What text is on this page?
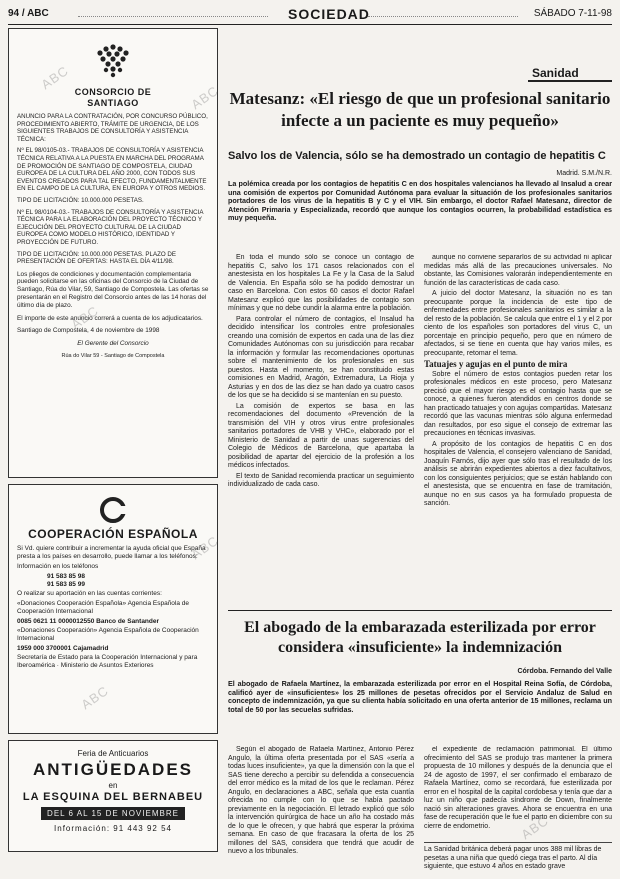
94 / ABC	SOCIEDAD	SÁBADO 7-11-98
CONSORCIO DE
SANTIAGO

ANUNCIO PARA LA CONTRATACIÓN, POR CONCURSO PÚBLICO, PROCEDIMIENTO ABIERTO, TRÁMITE DE URGENCIA, DE LOS SIGUIENTES TRABAJOS DE CONSULTORÍA Y ASISTENCIA TÉCNICA:

Nº EL 98/0105-03.- TRABAJOS DE CONSULTORÍA Y ASISTENCIA TÉCNICA RELATIVA A LA PUESTA EN MARCHA DEL PROGRAMA DE PROMOCIÓN DE SANTIAGO DE COMPOSTELA, CIUDAD EUROPEA DE LA CULTURA DEL AÑO 2000, CON TODOS SUS EVENTOS CREADOS PARA TAL EFECTO, FUNDAMENTALMENTE EN EL CAMPO DE LA CULTURA, EN EUROPA Y OTROS MEDIOS.

TIPO DE LICITACIÓN: 10.000.000 PESETAS.

Nº EL 98/0104-03.- TRABAJOS DE CONSULTORÍA Y ASISTENCIA TÉCNICA PARA LA ELABORACIÓN DEL PROYECTO TÉCNICO Y EJECUCIÓN DEL PROYECTO CULTURAL DE LA CIUDAD EUROPEA COMO MODELO HISTÓRICO, IDENTIDAD Y PROYECCIÓN DE FUTURO.

TIPO DE LICITACIÓN: 10.000.000 PESETAS. PLAZO DE PRESENTACIÓN DE OFERTAS: HASTA EL DÍA 4/11/98.

Los pliegos de condiciones y documentación complementaria pueden solicitarse en las oficinas del Consorcio de la Ciudad de Santiago, Rúa do Vilar, 59, Santiago de Compostela. Las ofertas se presentarán en el Registro del Consorcio antes de las 14 horas del último día de plazo.

El importe de este anuncio correrá a cuenta de los adjudicatarios.

Santiago de Compostela, 4 de noviembre de 1998

El Gerente del Consorcio

Rúa do Vilar 59 - Santiago de Compostela

COOPERACIÓN ESPAÑOLA

Si Vd. quiere contribuir a incrementar la ayuda oficial que España presta a los países en desarrollo, puede llamar a los teléfonos:

Información en los teléfonos

91 583 85 98

91 583 85 99

O realizar su aportación en las cuentas corrientes:

«Donaciones Cooperación Española» Agencia Española de Cooperación Internacional

0085 0621 11 0000012550 Banco de Santander

«Donaciones Cooperación» Agencia Española de Cooperación Internacional

1959 000 3700001 Cajamadrid

Secretaría de Estado para la Cooperación Internacional y para Iberoamérica · Ministerio de Asuntos Exteriores

Feria de Anticuarios
ANTIGÜEDADES
en
LA ESQUINA DEL BERNABEU
DEL 6 AL 15 DE NOVIEMBRE
Información: 91 443 92 54
Sanidad
Matesanz: «El riesgo de que un profesional sanitario infecte a un paciente es muy pequeño»
Salvo los de Valencia, sólo se ha demostrado un contagio de hepatitis C
Madrid. S.M./N.R.
La polémica creada por los contagios de hepatitis C en dos hospitales valencianos ha llevado al Insalud a crear una comisión de expertos por Comunidad Autónoma para evaluar la situación de los profesionales sanitarios portadores de los virus de la hepatitis B y C y el VIH. Sin embargo, el doctor Rafael Matesanz, director de Atención Primaria y Especializada, recordó que aunque los contagios ocurren, la probabilidad estadística es muy pequeña.

En toda el mundo sólo se conoce un contagio de hepatitis C, salvo los 171 casos relacionados con el anestesista en los hospitales La Fe y la Casa de la Salud de Valencia. En España sólo se ha podido demostrar un caso en Barcelona. Con estos 60 casos el doctor Rafael Matesanz explicó que las posibilidades de contagio son mínimas y que no debe cundir la alarma entre la población.

Para controlar el número de contagios, el Insalud ha decidido intensificar los controles entre profesionales creando una comisión de expertos en cada una de las diez Comunidades Autónomas con su jurisdicción para recabar la información y formular las recomendaciones oportunas sobre el mantenimiento de los profesionales en sus puestos. Hasta el momento, se han constituido estas comisiones en Madrid, Aragón, Extremadura, La Rioja y Asturias y en dos de las diez se han dado ya cuatro casos de los que se ha decidido si se mantenían en su puesto.

La comisión de expertos se basa en las recomendaciones del documento «Prevención de la transmisión del VIH y otros virus entre profesionales sanitarios portadores de VHB y VHC», elaborado por el Ministerio de Sanidad a partir de unas sugerencias del Colegio de Médicos de Barcelona, que apartaba la posibilidad de apartar del ejercicio de la profesión a los médicos infectados.

El texto de Sanidad recomienda practicar un seguimiento individualizado de cada caso.

aunque no conviene separarlos de su actividad ni aplicar medidas más allá de las precauciones universales. No obstante, las Comisiones valorarán independientemente en función de las características de cada caso.

A juicio del doctor Matesanz, la situación no es tan preocupante porque la incidencia de este tipo de enfermedades entre profesionales sanitarios es similar a la del resto de la población. Se calcula que entre el 1 y el 2 por ciento de los españoles son portadores del virus C, un porcentaje en principio pequeño, pero que en número de afectados, si se tiene en cuenta que hay varios miles, es preocupante, retomar el tema.

Tatuajes y agujas en el punto de mira

Sobre el número de estos contagios pueden retar los profesionales médicos en este proceso, pero Matesanz precisó que el mayor riesgo es el contagio hasta que se conoce, a quienes fueron atendidos en centros donde se han practicado tatuajes y con agujas compartidas. Matesanz recordó que las vacunas mientras sólo alguna enfermedad dan resultados, por eso sigue el consejo de extremar las precauciones en técnicas invasivas.

A propósito de los contagios de hepatitis C en dos hospitales de Valencia, el consejero valenciano de Sanidad, Joaquín Farnós, dijo ayer que sólo tras el resultado de los análisis se abrirán expedientes abiertos a diez facultativos, con los consiguientes perjuicios; que se están hablando con el anestesista, que se encuentra en fase de tramitación, aunque no en sus casos ya ha formulado propuesta de sanción.

El abogado de la embarazada esterilizada por error considera «insuficiente» la indemnización
Córdoba. Fernando del Valle
El abogado de Rafaela Martínez, la embarazada esterilizada por error en el Hospital Reina Sofía, de Córdoba, calificó ayer de «insuficientes» los 25 millones de pesetas ofrecidos por el Servicio Andaluz de Salud en concepto de indemnización, ya que su clienta había solicitado en una oferta anterior de 15 millones, reclama un total de 50 por las secuelas sufridas.

Según el abogado de Rafaela Martínez, Antonio Pérez Angulo, la última oferta presentada por el SAS «sería a todas luces insuficiente», ya que la dimensión con la que el SAS tiene derecho a percibir su defendida a consecuencia del error médico es la mitad de los que le reclaman. Pérez Angulo, en declaraciones a ABC, señala que esta cuantía ofrecida no cumple con lo que se había pactado previamente en la negociación. El letrado explicó que sólo la intervención quirúrgica de hace un año ha costado más de lo que le ofrecen, y que habrá que esperar la próxima semana. En caso de que fracasara la oferta de los 25 millones del SAS, considera que tendrá que acudir de nuevo a los tribunales.

el expediente de reclamación patrimonial. El último ofrecimiento del SAS se produjo tras mantener la primera propuesta de 10 millones y después de la denuncia que el 24 de agosto de 1997, el ser confirmado el embarazo de Rafaela Martínez, como se recordará, fue esterilizada por error en el hospital de la capital cordobesa y tenía que dar a luz un niño que padecía síndrome de Down, finalmente nació sin alteraciones graves. Ahora se encuentra en una fase de recuperación que le fue el parto en diciembre con su cierre de endometrio.

La Sanidad británica deberá pagar unos 388 mil libras de pesetas a una niña que quedó ciega tras el parto. Al día siguiente, que estuvo 4 años en estado grave
ABC
ABC
ABC
ABC
ABC
ABC
